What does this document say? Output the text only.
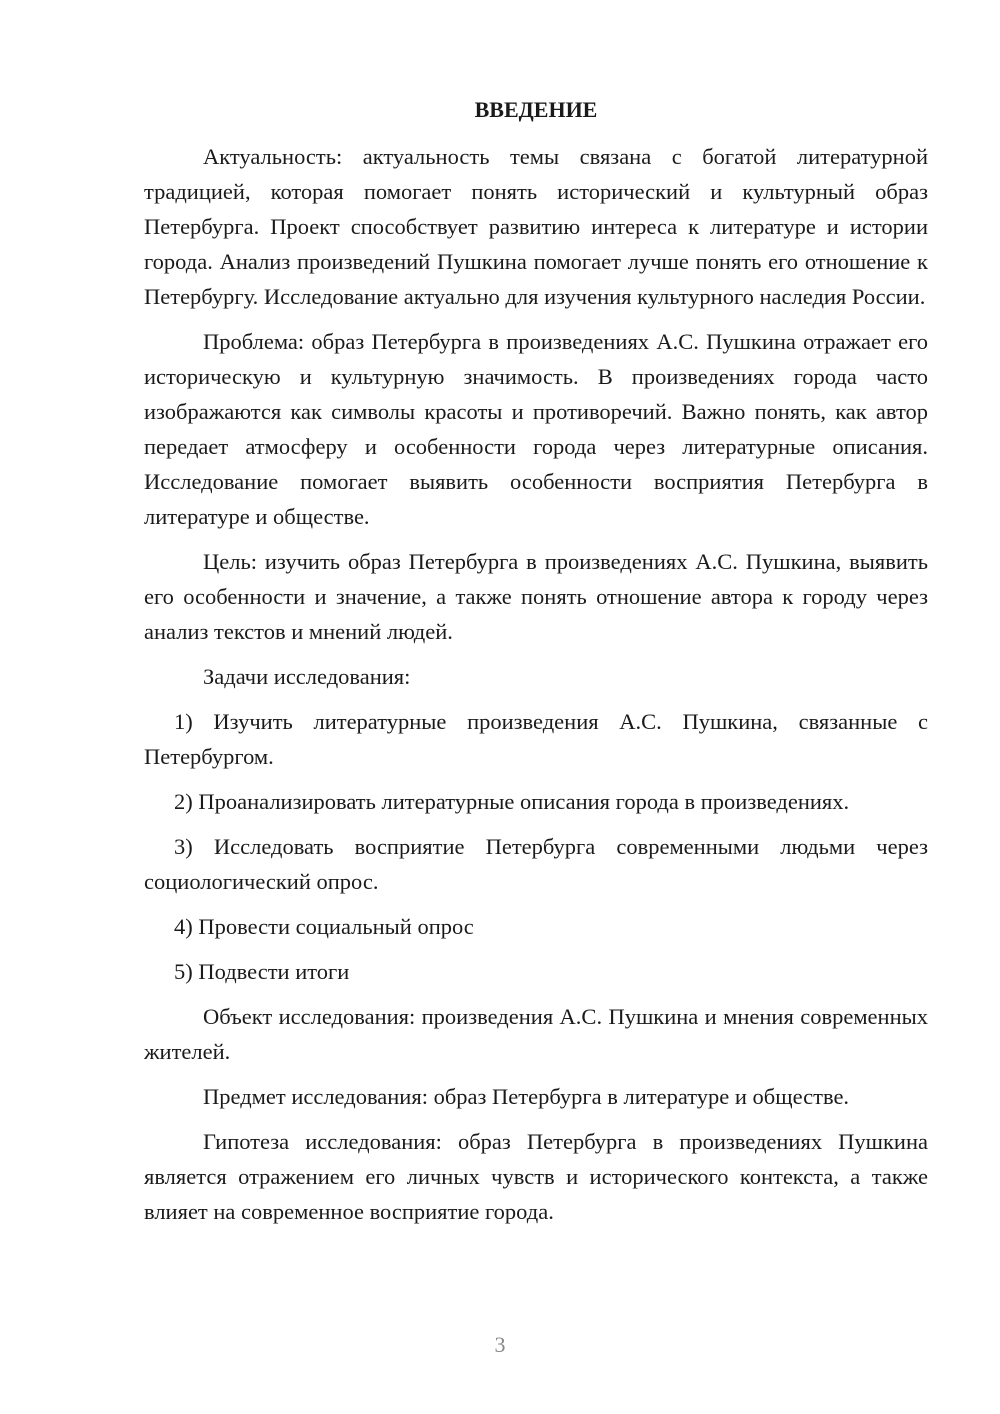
ВВЕДЕНИЕ

Актуальность: актуальность темы связана с богатой литературной традицией, которая помогает понять исторический и культурный образ Петербурга. Проект способствует развитию интереса к литературе и истории города. Анализ произведений Пушкина помогает лучше понять его отношение к Петербургу. Исследование актуально для изучения культурного наследия России.

Проблема: образ Петербурга в произведениях А.С. Пушкина отражает его историческую и культурную значимость. В произведениях города часто изображаются как символы красоты и противоречий. Важно понять, как автор передает атмосферу и особенности города через литературные описания. Исследование помогает выявить особенности восприятия Петербурга в литературе и обществе.

Цель: изучить образ Петербурга в произведениях А.С. Пушкина, выявить его особенности и значение, а также понять отношение автора к городу через анализ текстов и мнений людей.

Задачи исследования:

1) Изучить литературные произведения А.С. Пушкина, связанные с Петербургом.

2) Проанализировать литературные описания города в произведениях.

3) Исследовать восприятие Петербурга современными людьми через социологический опрос.

4) Провести социальный опрос

5) Подвести итоги

Объект исследования: произведения А.С. Пушкина и мнения современных жителей.

Предмет исследования: образ Петербурга в литературе и обществе.

Гипотеза исследования: образ Петербурга в произведениях Пушкина является отражением его личных чувств и исторического контекста, а также влияет на современное восприятие города.

3
